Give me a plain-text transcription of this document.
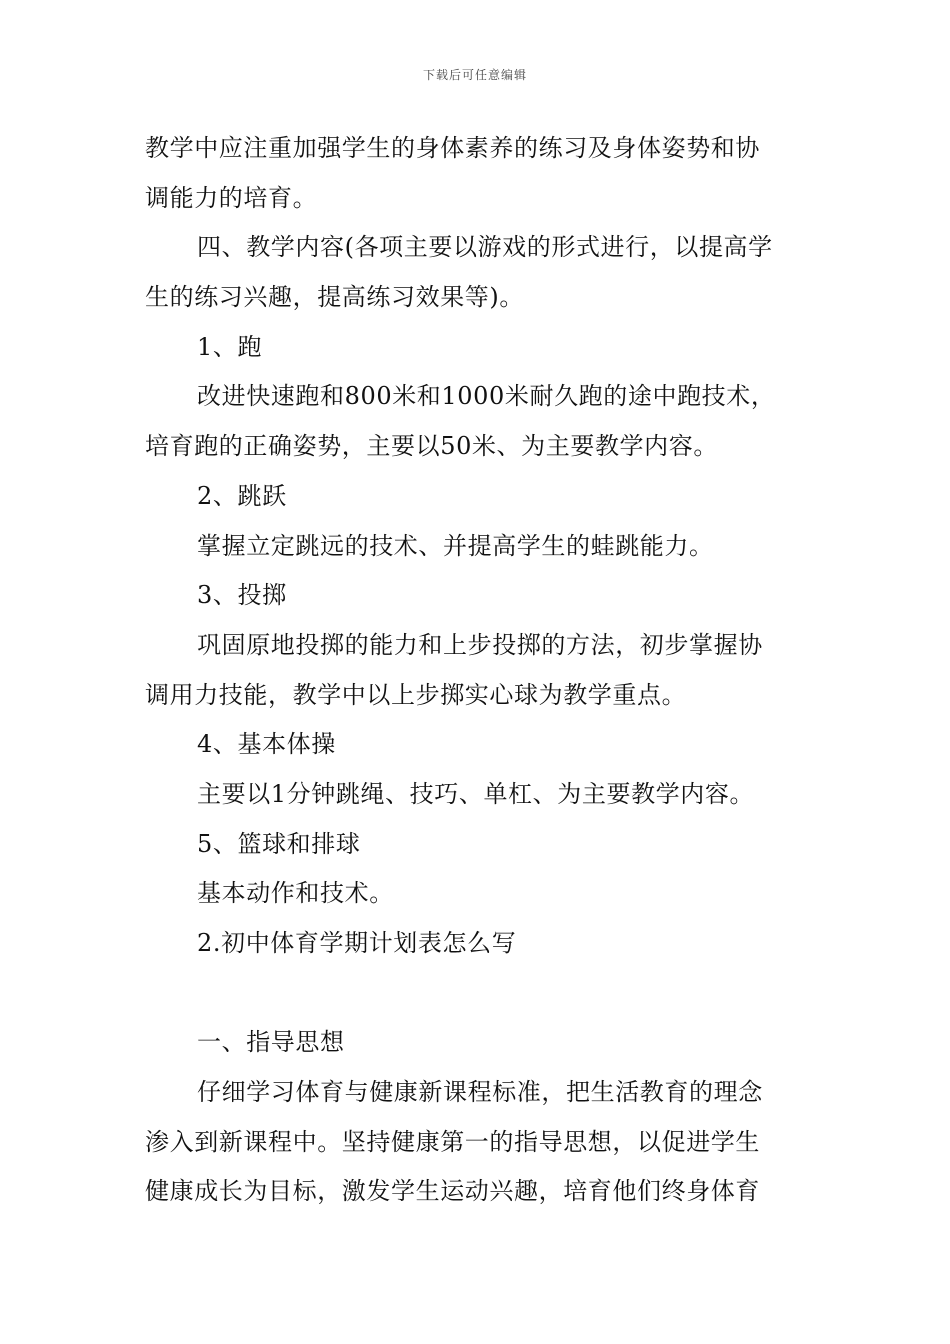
下载后可任意编辑
教学中应注重加强学生的身体素养的练习及身体姿势和协
调能力的培育。
四、教学内容(各项主要以游戏的形式进行，以提高学
生的练习兴趣，提高练习效果等)。
1、跑
改进快速跑和800米和1000米耐久跑的途中跑技术，
培育跑的正确姿势，主要以50米、为主要教学内容。
2、跳跃
掌握立定跳远的技术、并提高学生的蛙跳能力。
3、投掷
巩固原地投掷的能力和上步投掷的方法，初步掌握协
调用力技能，教学中以上步掷实心球为教学重点。
4、基本体操
主要以1分钟跳绳、技巧、单杠、为主要教学内容。
5、篮球和排球
基本动作和技术。
2.初中体育学期计划表怎么写
一、指导思想
仔细学习体育与健康新课程标准，把生活教育的理念
渗入到新课程中。坚持健康第一的指导思想，以促进学生
健康成长为目标，激发学生运动兴趣，培育他们终身体育
